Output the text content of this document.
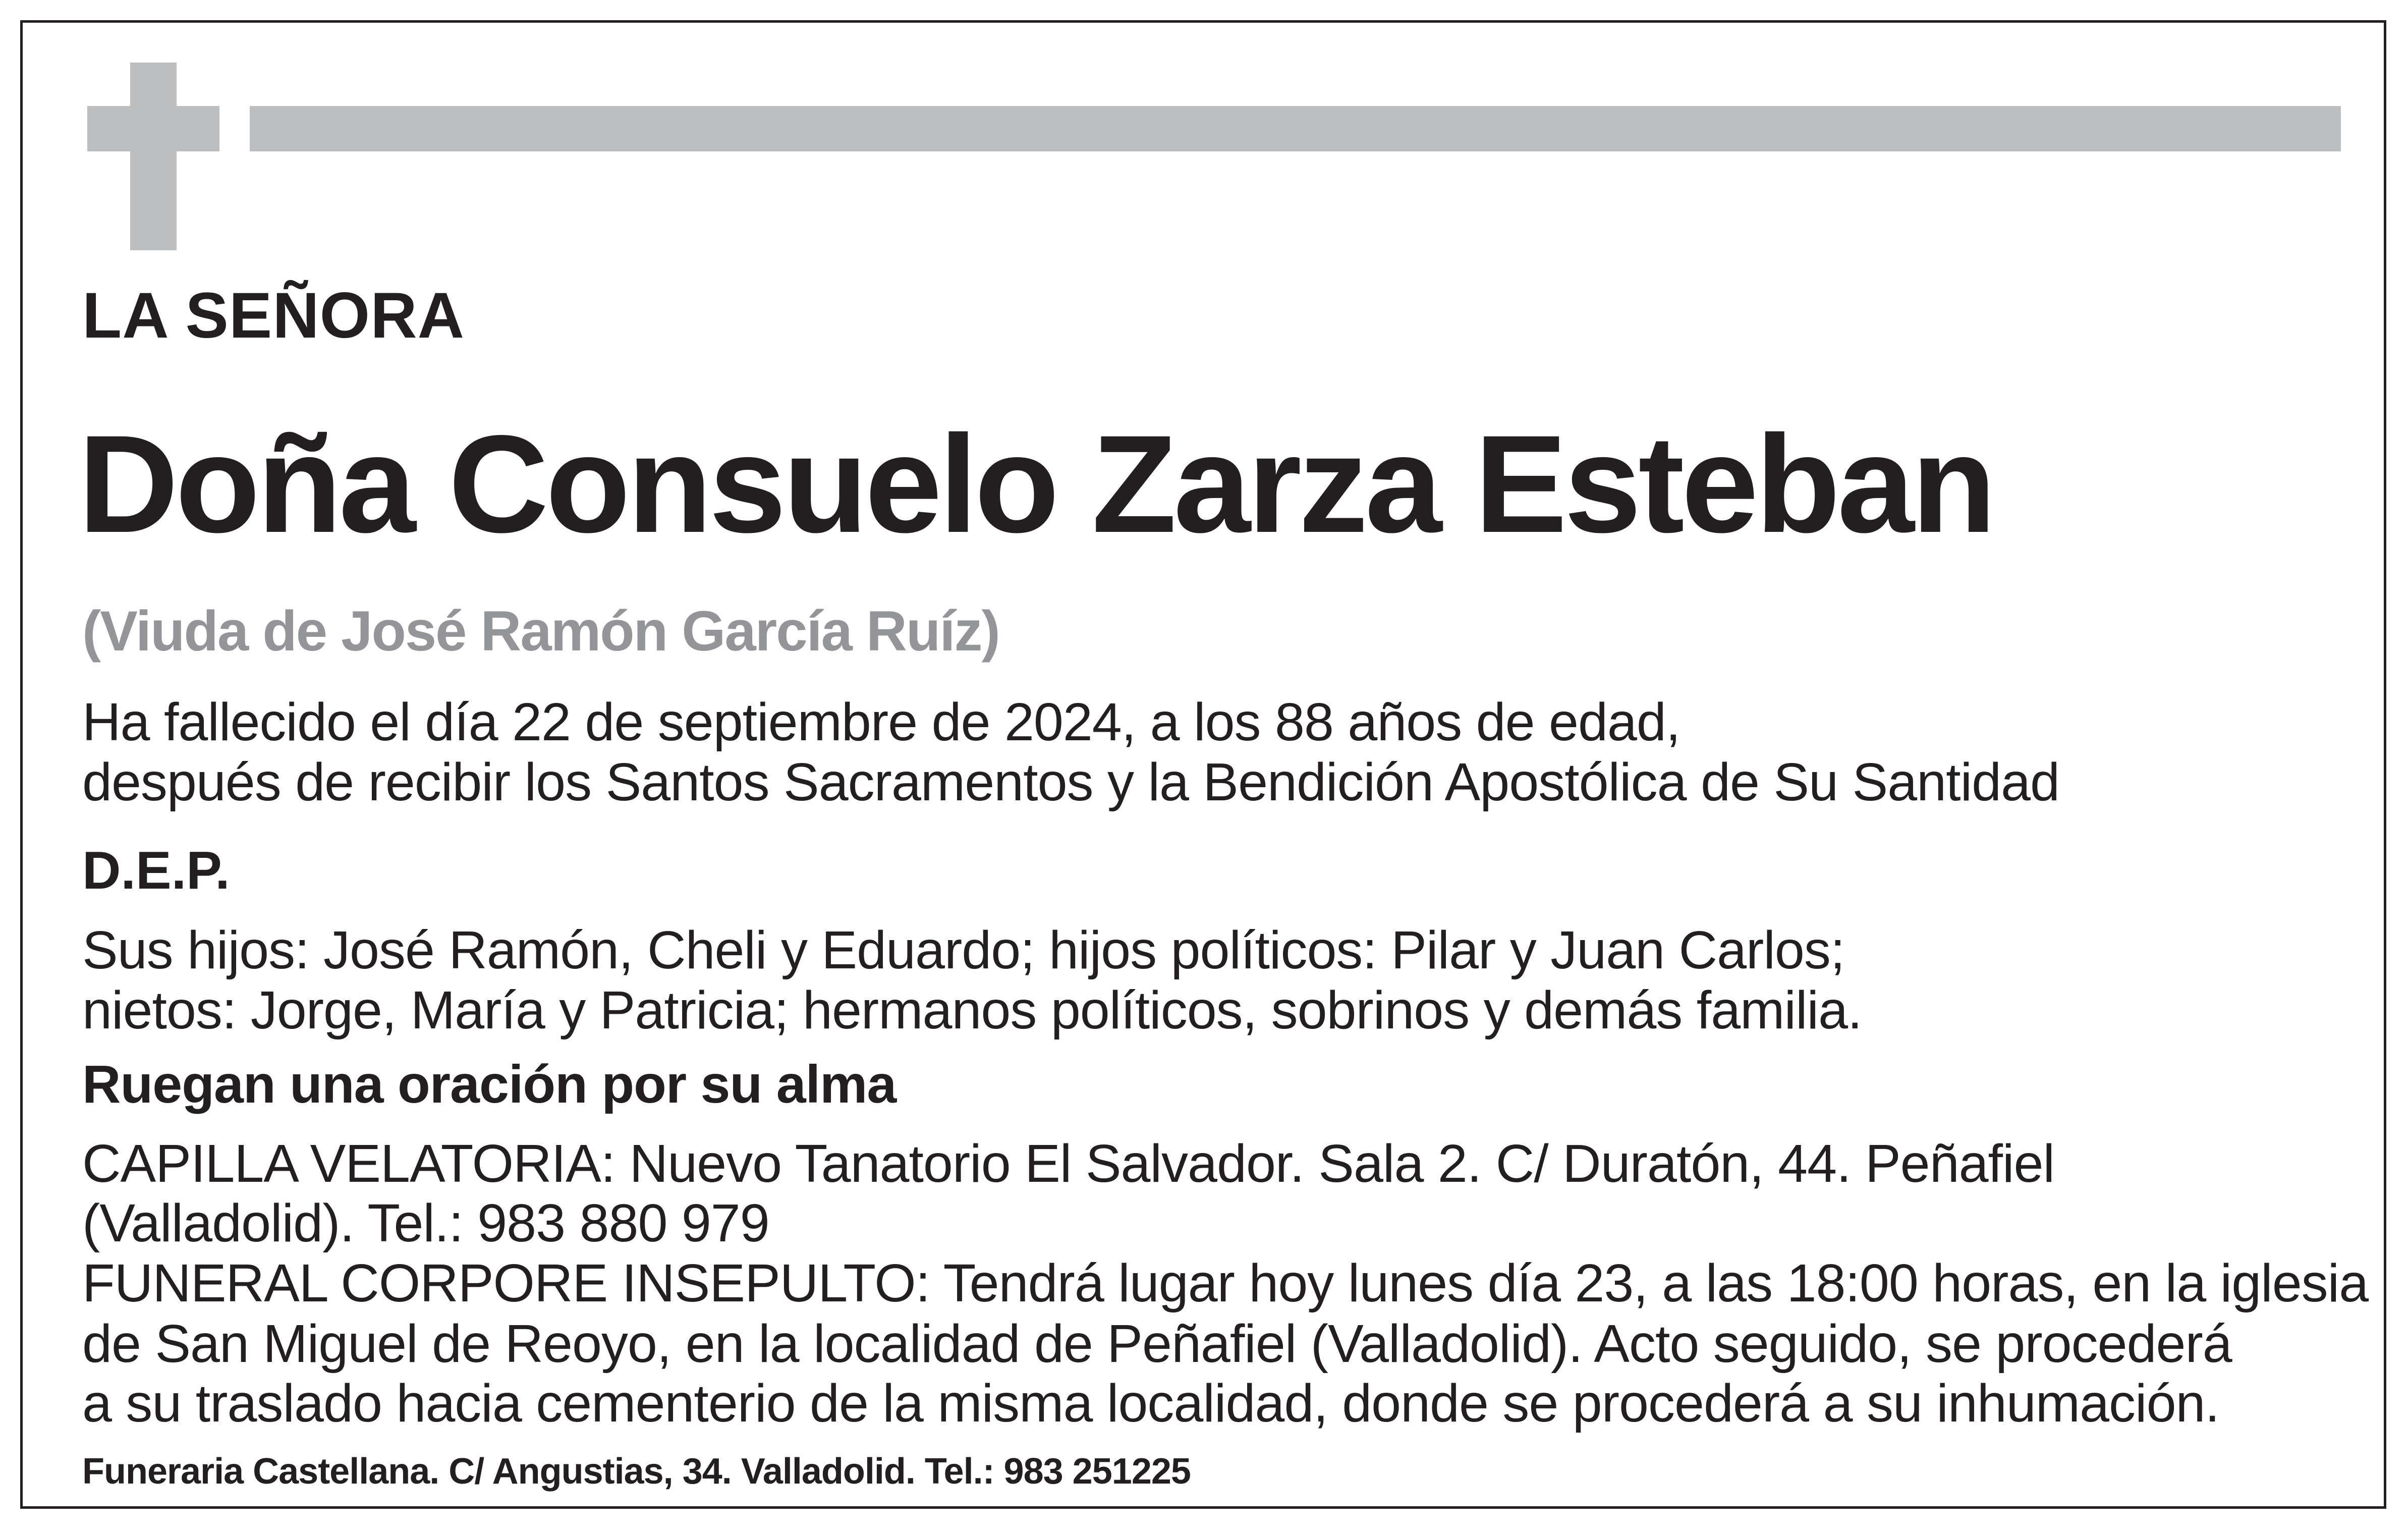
LA SEÑORA
Doña Consuelo Zarza Esteban
(Viuda de José Ramón García Ruíz)
Ha fallecido el día 22 de septiembre de 2024, a los 88 años de edad,
después de recibir los Santos Sacramentos y la Bendición Apostólica de Su Santidad
D.E.P.
Sus hijos: José Ramón, Cheli y Eduardo; hijos políticos: Pilar y Juan Carlos;
nietos: Jorge, María y Patricia; hermanos políticos, sobrinos y demás familia.
Ruegan una oración por su alma
CAPILLA VELATORIA: Nuevo Tanatorio El Salvador. Sala 2. C/ Duratón, 44. Peñafiel
(Valladolid). Tel.: 983 880 979
FUNERAL CORPORE INSEPULTO: Tendrá lugar hoy lunes día 23, a las 18:00 horas, en la iglesia
de San Miguel de Reoyo, en la localidad de Peñafiel (Valladolid). Acto seguido, se procederá
a su traslado hacia cementerio de la misma localidad, donde se procederá a su inhumación.
Funeraria Castellana. C/ Angustias, 34. Valladolid. Tel.: 983 251225
